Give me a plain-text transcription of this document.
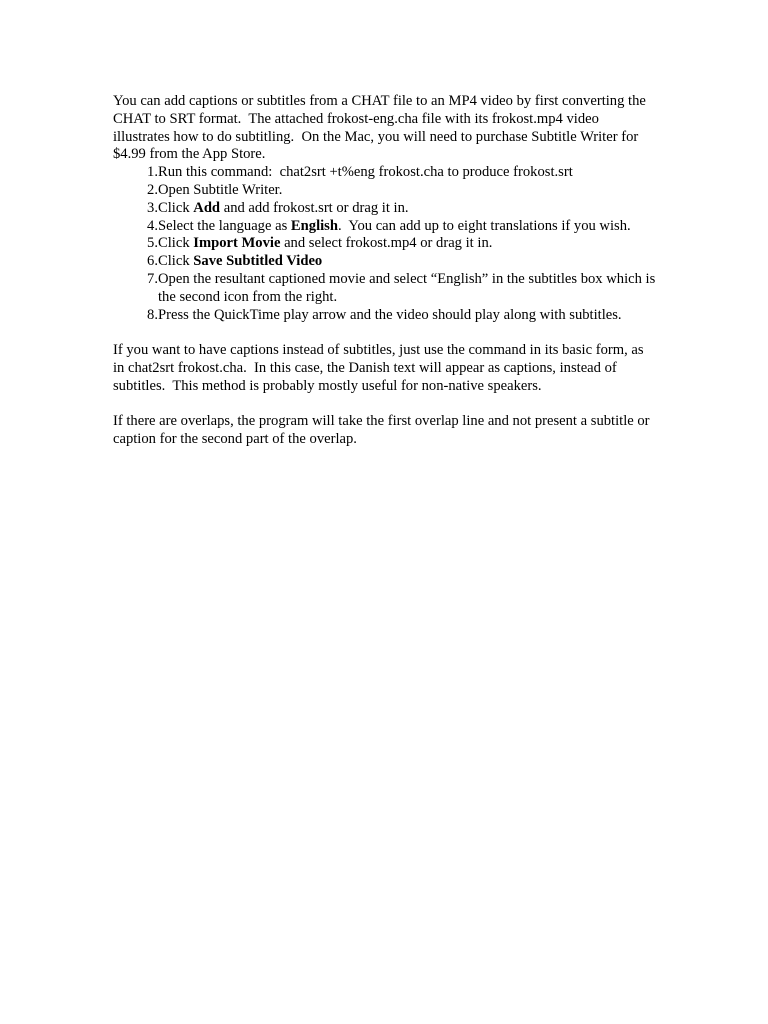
You can add captions or subtitles from a CHAT file to an MP4 video by first converting the CHAT to SRT format.  The attached frokost-eng.cha file with its frokost.mp4 video illustrates how to do subtitling.  On the Mac, you will need to purchase Subtitle Writer for $4.99 from the App Store.

1. Run this command:  chat2srt +t%eng frokost.cha to produce frokost.srt
2. Open Subtitle Writer.
3. Click Add and add frokost.srt or drag it in.
4. Select the language as English.  You can add up to eight translations if you wish.
5. Click Import Movie and select frokost.mp4 or drag it in.
6. Click Save Subtitled Video
7. Open the resultant captioned movie and select “English” in the subtitles box which is the second icon from the right.
8. Press the QuickTime play arrow and the video should play along with subtitles.

If you want to have captions instead of subtitles, just use the command in its basic form, as in chat2srt frokost.cha.  In this case, the Danish text will appear as captions, instead of subtitles.  This method is probably mostly useful for non-native speakers.

If there are overlaps, the program will take the first overlap line and not present a subtitle or caption for the second part of the overlap.
